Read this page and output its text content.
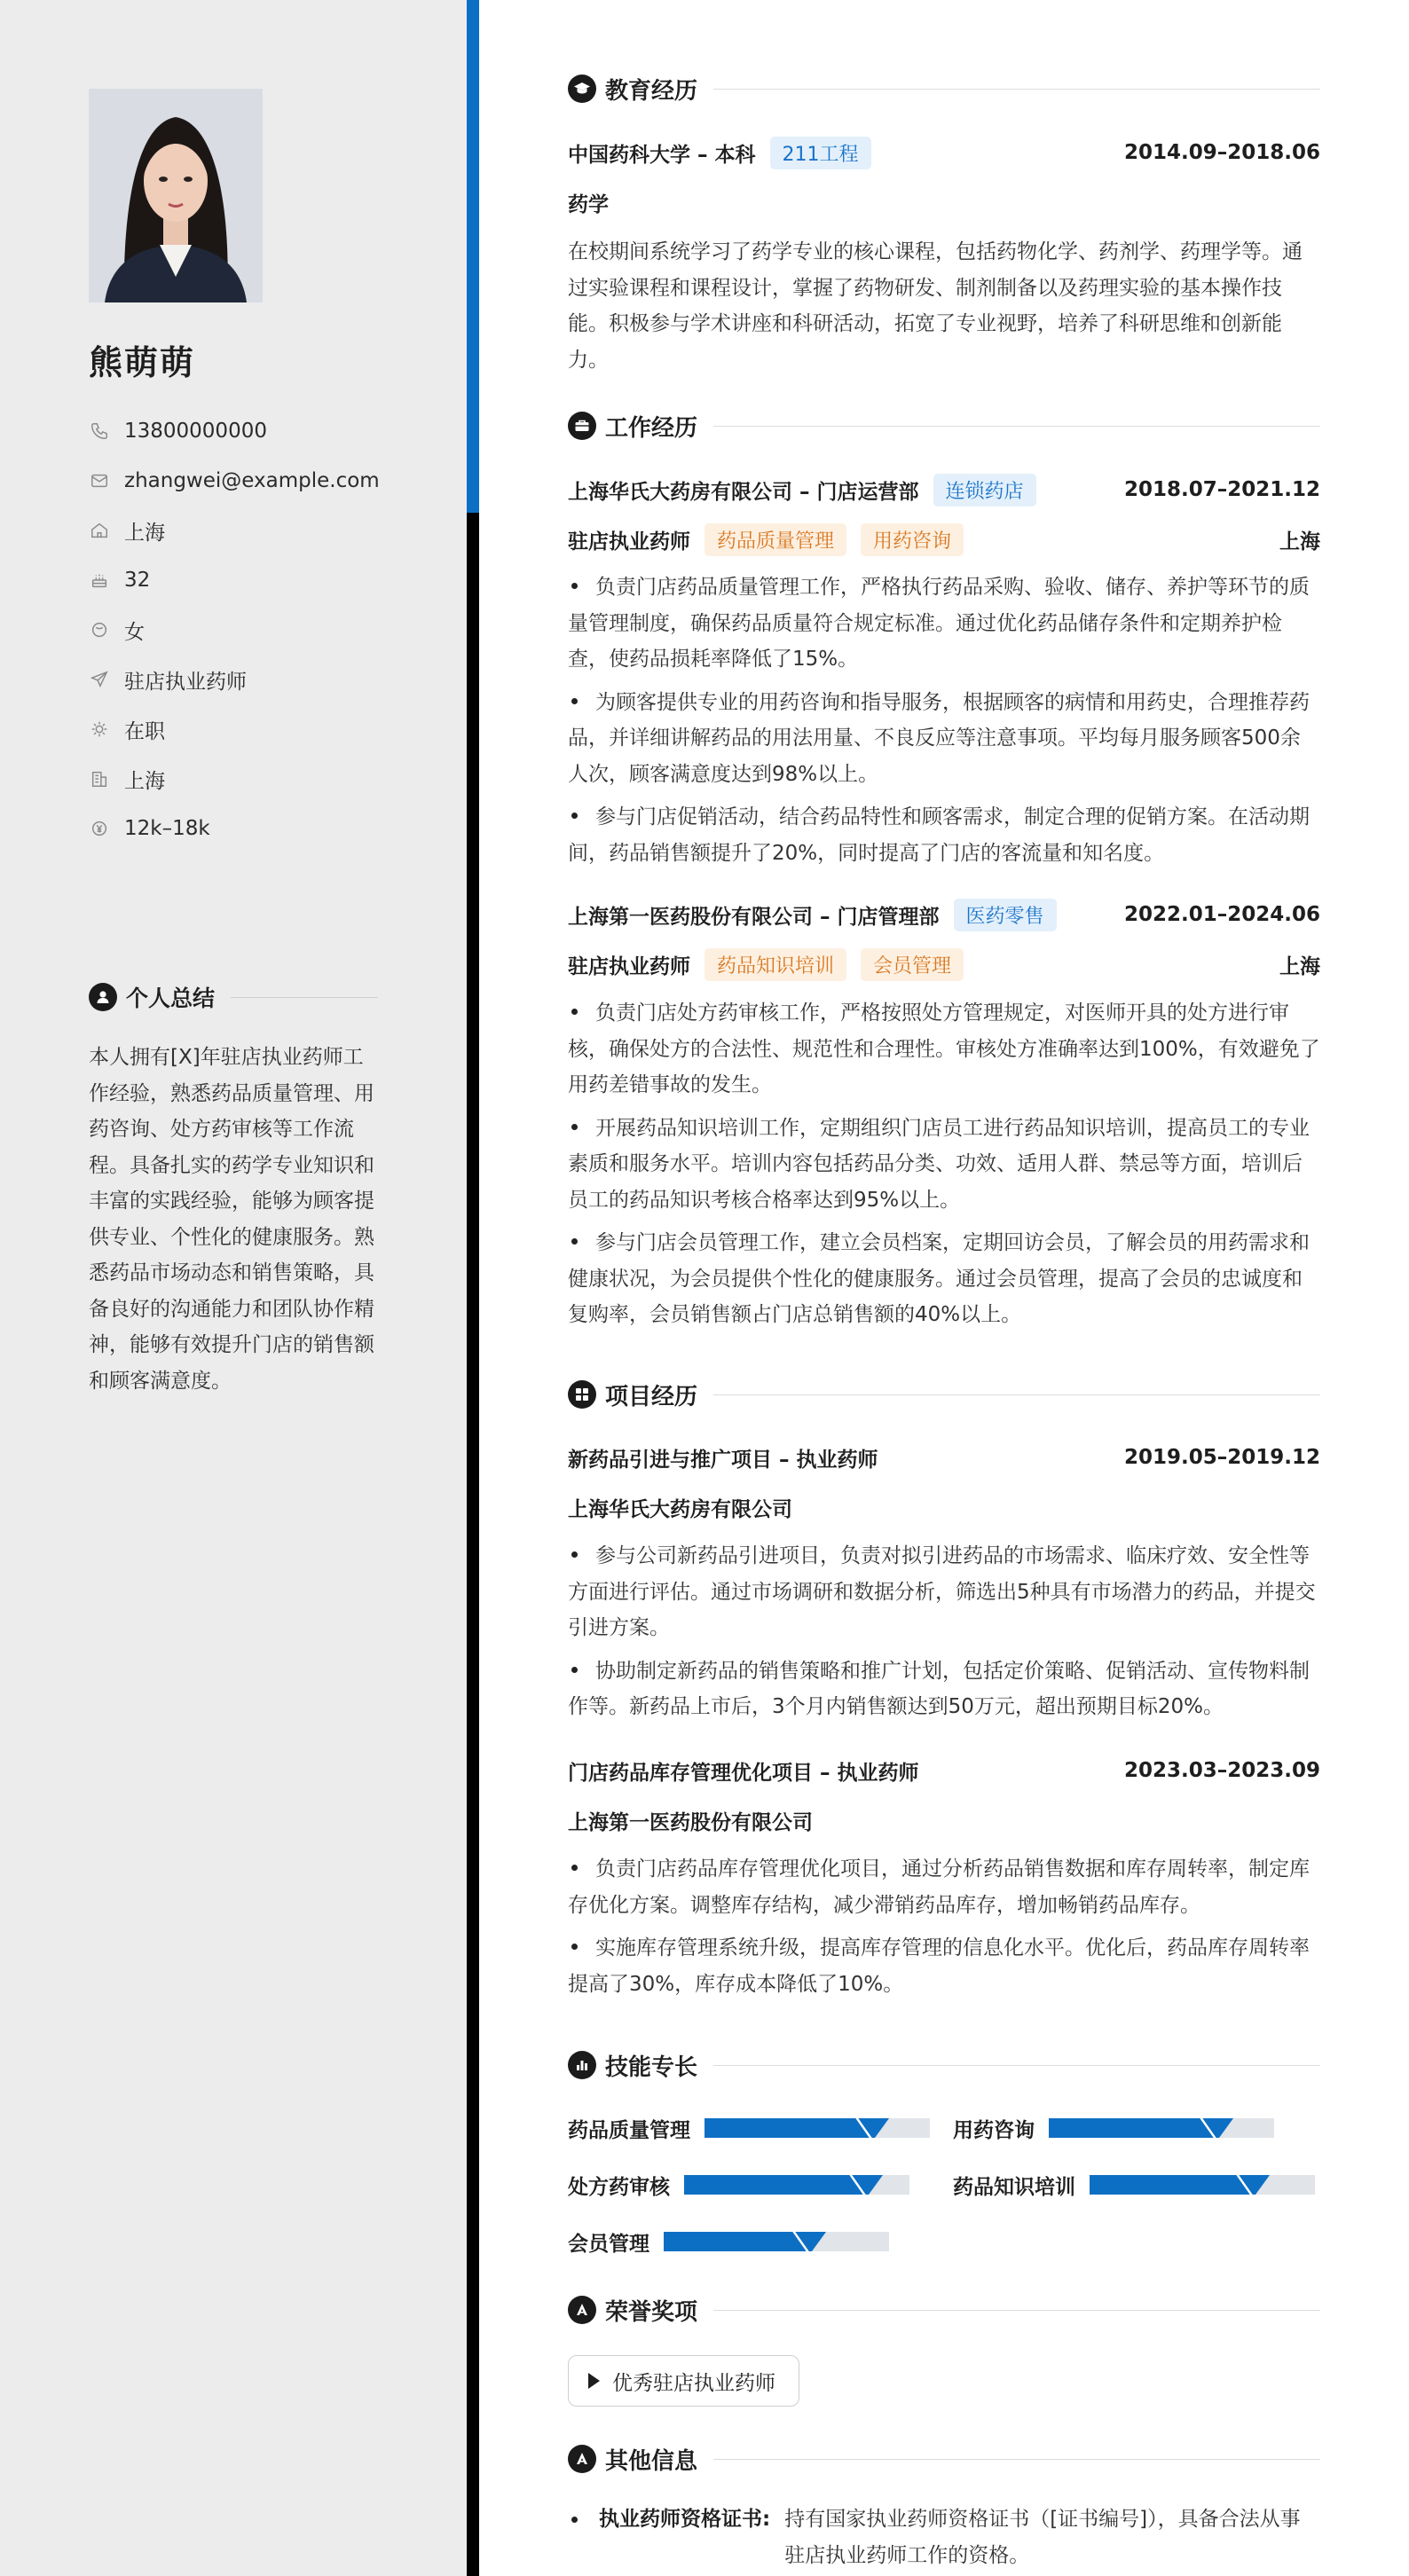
熊萌萌
13800000000
zhangwei@example.com
上海
32
女
驻店执业药师
在职
上海
12k–18k
个人总结
本人拥有[X]年驻店执业药师工作经验，熟悉药品质量管理、用药咨询、处方药审核等工作流程。具备扎实的药学专业知识和丰富的实践经验，能够为顾客提供专业、个性化的健康服务。熟悉药品市场动态和销售策略，具备良好的沟通能力和团队协作精神，能够有效提升门店的销售额和顾客满意度。
教育经历
中国药科大学 – 本科	211工程	2014.09–2018.06
药学
在校期间系统学习了药学专业的核心课程，包括药物化学、药剂学、药理学等。通过实验课程和课程设计，掌握了药物研发、制剂制备以及药理实验的基本操作技能。积极参与学术讲座和科研活动，拓宽了专业视野，培养了科研思维和创新能力。
工作经历
上海华氏大药房有限公司 – 门店运营部	连锁药店	2018.07–2021.12
驻店执业药师	药品质量管理	用药咨询	上海
负责门店药品质量管理工作，严格执行药品采购、验收、储存、养护等环节的质量管理制度，确保药品质量符合规定标准。通过优化药品储存条件和定期养护检查，使药品损耗率降低了15%。
为顾客提供专业的用药咨询和指导服务，根据顾客的病情和用药史，合理推荐药品，并详细讲解药品的用法用量、不良反应等注意事项。平均每月服务顾客500余人次，顾客满意度达到98%以上。
参与门店促销活动，结合药品特性和顾客需求，制定合理的促销方案。在活动期间，药品销售额提升了20%，同时提高了门店的客流量和知名度。
上海第一医药股份有限公司 – 门店管理部	医药零售	2022.01–2024.06
驻店执业药师	药品知识培训	会员管理	上海
负责门店处方药审核工作，严格按照处方管理规定，对医师开具的处方进行审核，确保处方的合法性、规范性和合理性。审核处方准确率达到100%，有效避免了用药差错事故的发生。
开展药品知识培训工作，定期组织门店员工进行药品知识培训，提高员工的专业素质和服务水平。培训内容包括药品分类、功效、适用人群、禁忌等方面，培训后员工的药品知识考核合格率达到95%以上。
参与门店会员管理工作，建立会员档案，定期回访会员，了解会员的用药需求和健康状况，为会员提供个性化的健康服务。通过会员管理，提高了会员的忠诚度和复购率，会员销售额占门店总销售额的40%以上。
项目经历
新药品引进与推广项目 – 执业药师	2019.05–2019.12
上海华氏大药房有限公司
参与公司新药品引进项目，负责对拟引进药品的市场需求、临床疗效、安全性等方面进行评估。通过市场调研和数据分析，筛选出5种具有市场潜力的药品，并提交引进方案。
协助制定新药品的销售策略和推广计划，包括定价策略、促销活动、宣传物料制作等。新药品上市后，3个月内销售额达到50万元，超出预期目标20%。
门店药品库存管理优化项目 – 执业药师	2023.03–2023.09
上海第一医药股份有限公司
负责门店药品库存管理优化项目，通过分析药品销售数据和库存周转率，制定库存优化方案。调整库存结构，减少滞销药品库存，增加畅销药品库存。
实施库存管理系统升级，提高库存管理的信息化水平。优化后，药品库存周转率提高了30%，库存成本降低了10%。
技能专长
药品质量管理	用药咨询
处方药审核	药品知识培训
会员管理
荣誉奖项
优秀驻店执业药师
其他信息
执业药师资格证书: 持有国家执业药师资格证书（[证书编号]），具备合法从事驻店执业药师工作的资格。
